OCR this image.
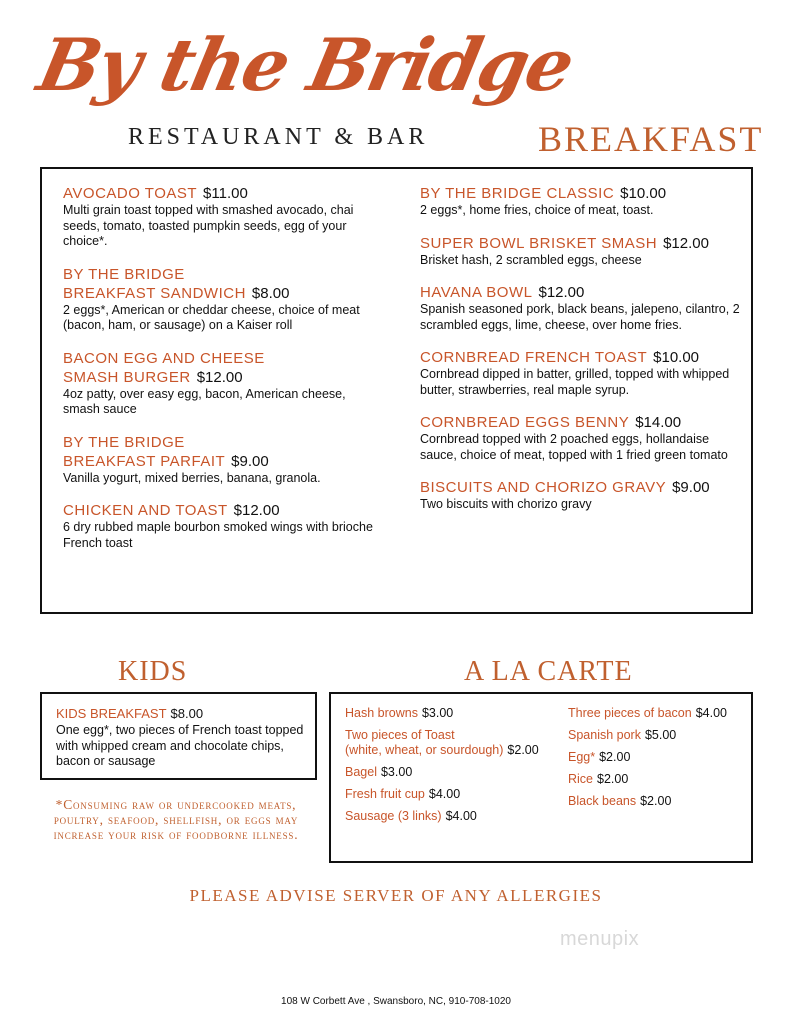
By the Bridge
RESTAURANT & BAR	BREAKFAST
AVOCADO TOAST $11.00
Multi grain toast topped with smashed avocado, chai seeds, tomato, toasted pumpkin seeds, egg of your choice*.
BY THE BRIDGE
BREAKFAST SANDWICH $8.00
2 eggs*, American or cheddar cheese, choice of meat (bacon, ham, or sausage) on a Kaiser roll
BACON EGG AND CHEESE
SMASH BURGER $12.00
4oz patty, over easy egg, bacon, American cheese, smash sauce
BY THE BRIDGE
BREAKFAST PARFAIT $9.00
Vanilla yogurt, mixed berries, banana, granola.
CHICKEN AND TOAST $12.00
6 dry rubbed maple bourbon smoked wings with brioche French toast
BY THE BRIDGE CLASSIC $10.00
2 eggs*, home fries, choice of meat, toast.
SUPER BOWL BRISKET SMASH $12.00
Brisket hash, 2 scrambled eggs, cheese
HAVANA BOWL $12.00
Spanish seasoned pork, black beans, jalepeno, cilantro, 2 scrambled eggs, lime, cheese, over home fries.
CORNBREAD FRENCH TOAST $10.00
Cornbread dipped in batter, grilled, topped with whipped butter, strawberries, real maple syrup.
CORNBREAD EGGS BENNY $14.00
Cornbread topped with 2 poached eggs, hollandaise sauce, choice of meat, topped with 1 fried green tomato
BISCUITS AND CHORIZO GRAVY $9.00
Two biscuits with chorizo gravy
KIDS	A LA CARTE
KIDS BREAKFAST $8.00
One egg*, two pieces of French toast topped with whipped cream and chocolate chips, bacon or sausage
Hash browns $3.00
Two pieces of Toast
(white, wheat, or sourdough) $2.00
Bagel $3.00
Fresh fruit cup $4.00
Sausage (3 links) $4.00
Three pieces of bacon $4.00
Spanish pork $5.00
Egg* $2.00
Rice $2.00
Black beans $2.00
*Consuming raw or undercooked meats, poultry, seafood, shellfish, or eggs may increase your risk of foodborne illness.
PLEASE ADVISE SERVER OF ANY ALLERGIES
menupix
108 W Corbett Ave , Swansboro, NC, 910-708-1020
